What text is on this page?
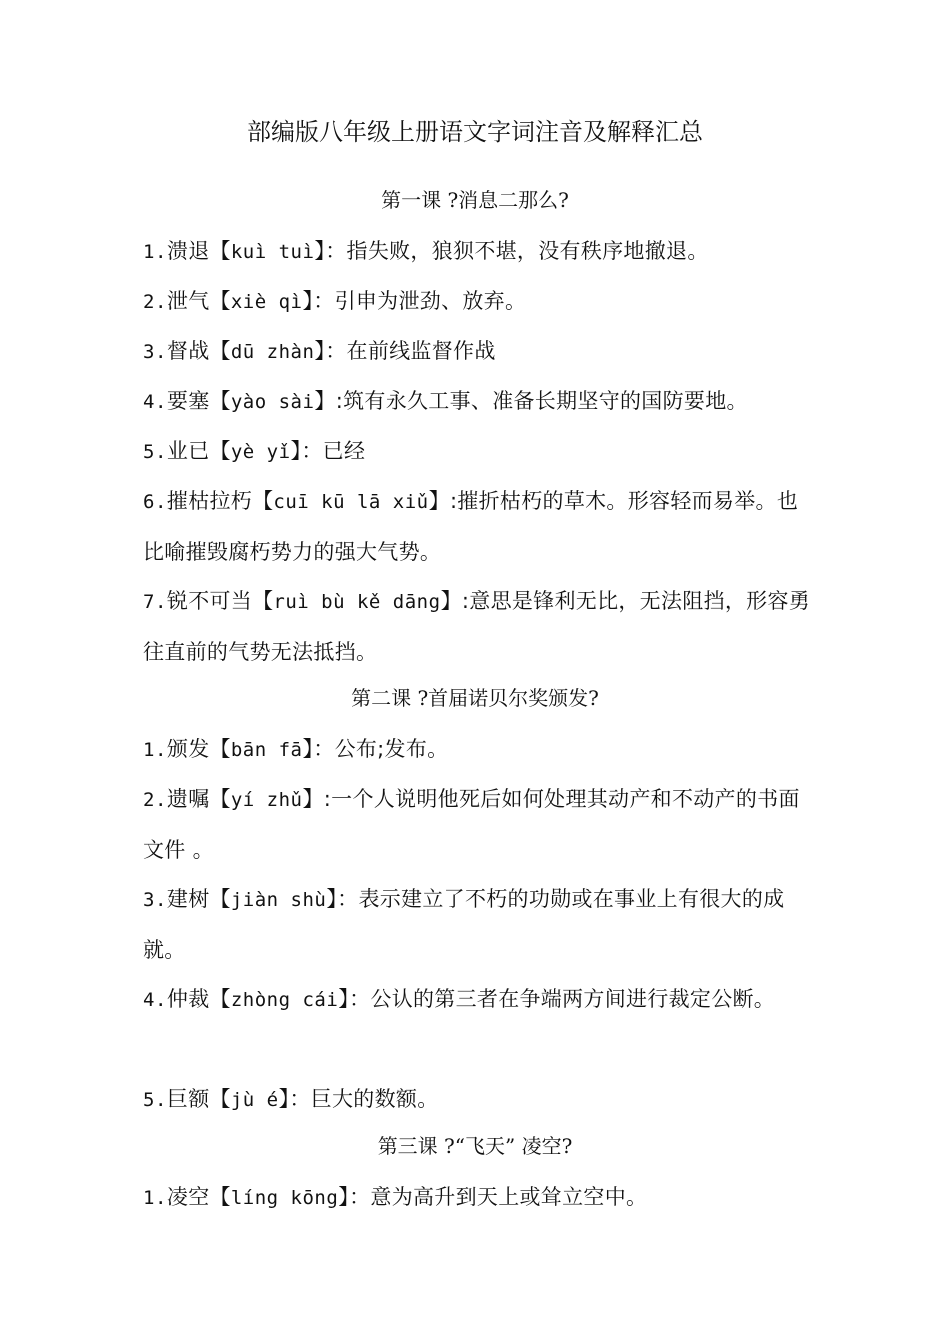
部编版八年级上册语文字词注音及解释汇总
第一课 ?消息二那么?
1.溃退【kuì tuì】：指失败，狼狈不堪，没有秩序地撤退。
2.泄气【xiè qì】：引申为泄劲、放弃。
3.督战【dū zhàn】：在前线监督作战
4.要塞【yào sài】:筑有永久工事、准备长期坚守的国防要地。
5.业已【yè yǐ】：已经
6.摧枯拉朽【cuī kū lā xiǔ】:摧折枯朽的草木。形容轻而易举。也比喻摧毁腐朽势力的强大气势。
7.锐不可当【ruì bù kě dāng】:意思是锋利无比，无法阻挡，形容勇往直前的气势无法抵挡。
第二课 ?首届诺贝尔奖颁发?
1.颁发【bān fā】：公布;发布。
2.遗嘱【yí zhǔ】:一个人说明他死后如何处理其动产和不动产的书面文件 。
3.建树【jiàn shù】：表示建立了不朽的功勋或在事业上有很大的成就。
4.仲裁【zhòng cái】：公认的第三者在争端两方间进行裁定公断。
5.巨额【jù é】：巨大的数额。
第三课 ?“飞天” 凌空?
1.凌空【líng kōng】：意为高升到天上或耸立空中。
